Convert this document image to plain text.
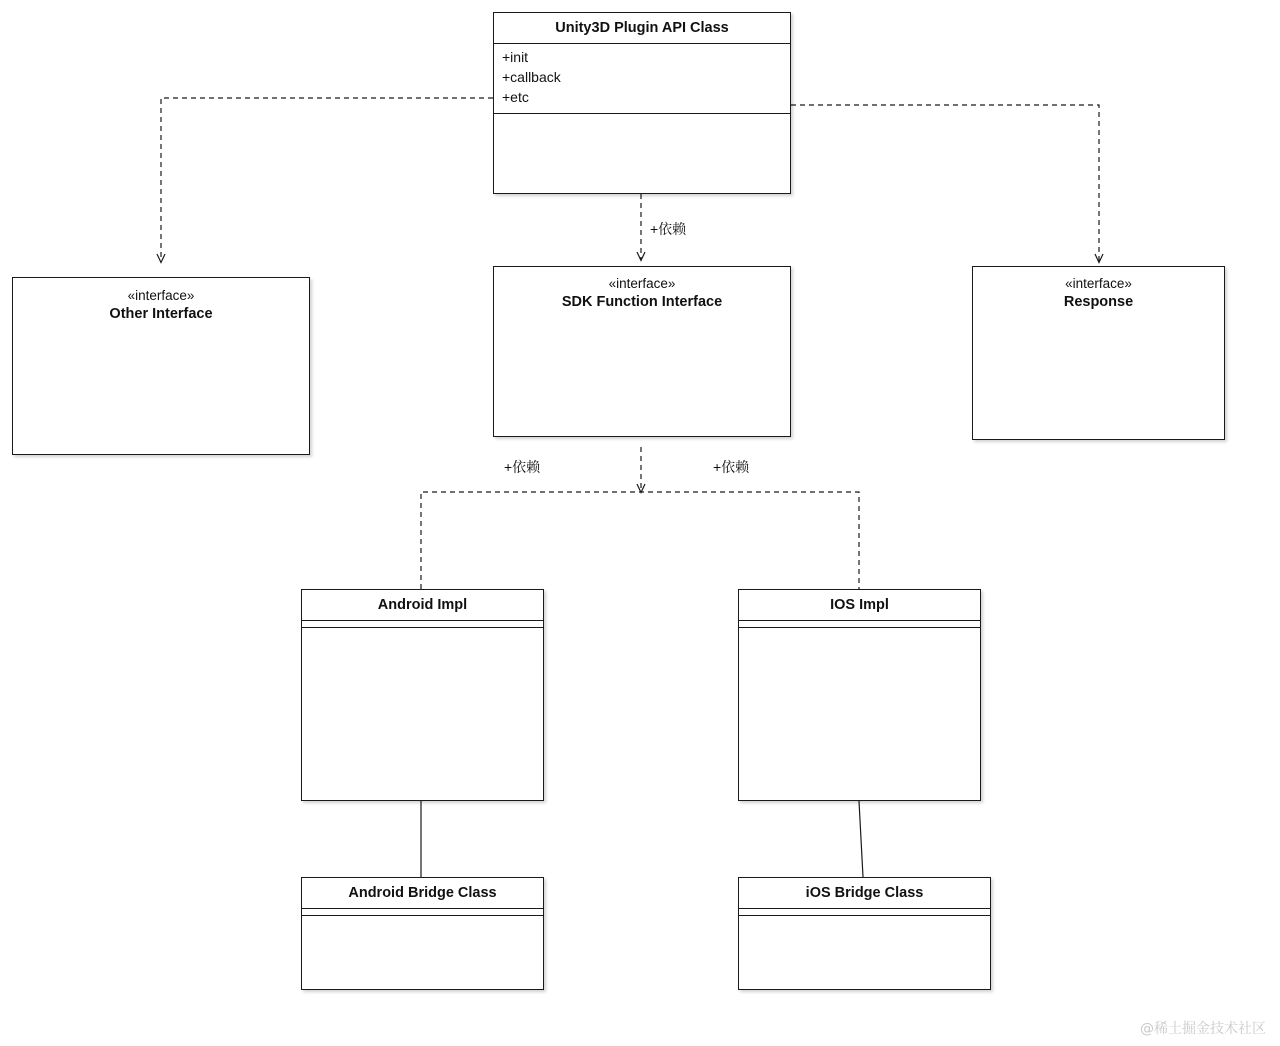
Unity3D Plugin API Class
+init
+callback
+etc
«interface»
Other Interface
«interface»
SDK Function Interface
«interface»
Response
Android Impl	IOS Impl
Android Bridge Class	iOS Bridge Class
+依赖
+依赖	+依赖
@稀土掘金技术社区
